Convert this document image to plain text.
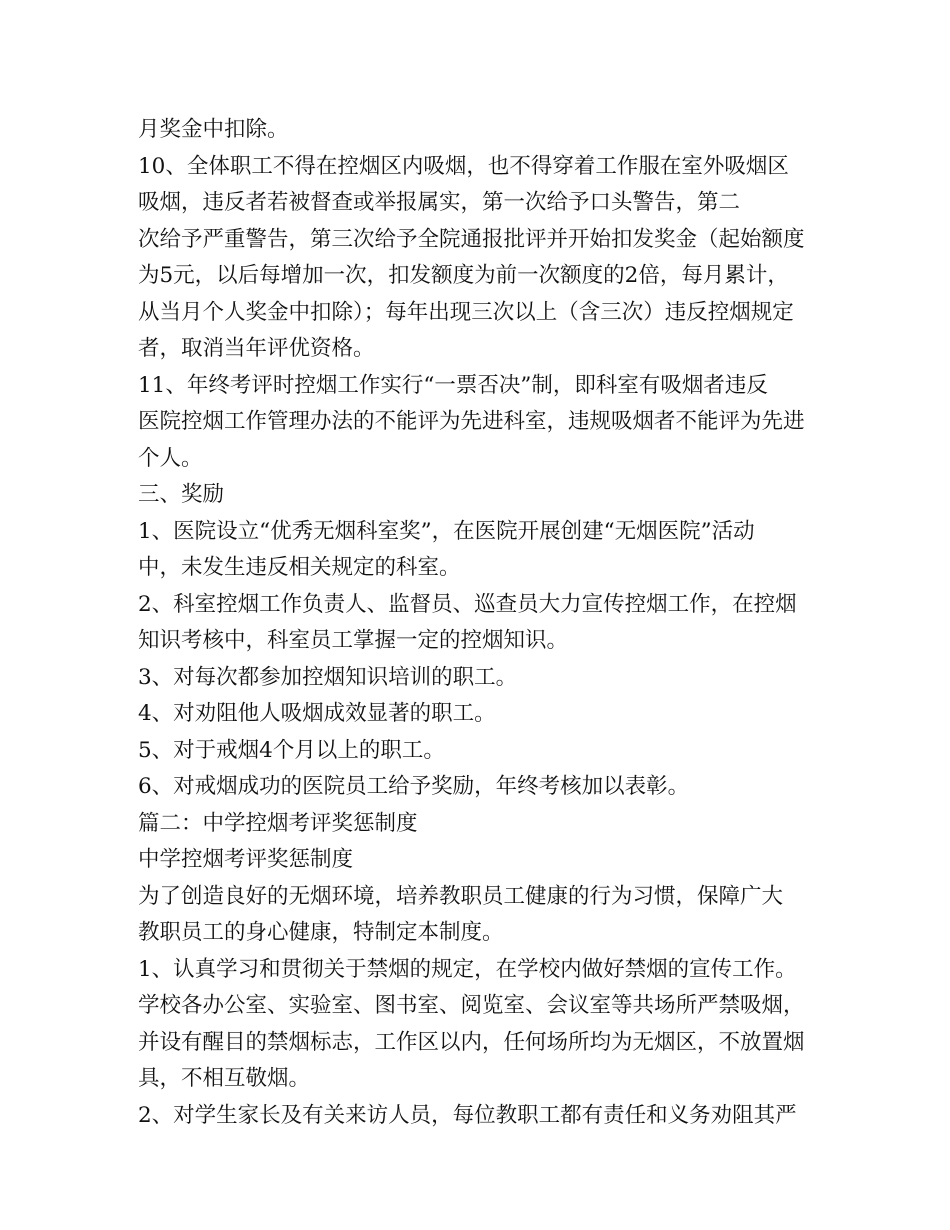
月奖金中扣除。
10、全体职工不得在控烟区内吸烟，也不得穿着工作服在室外吸烟区
吸烟，违反者若被督查或举报属实，第一次给予口头警告，第二
次给予严重警告，第三次给予全院通报批评并开始扣发奖金（起始额度
为5元，以后每增加一次，扣发额度为前一次额度的2倍，每月累计，
从当月个人奖金中扣除）；每年出现三次以上（含三次）违反控烟规定
者，取消当年评优资格。
11、年终考评时控烟工作实行“一票否决”制，即科室有吸烟者违反
医院控烟工作管理办法的不能评为先进科室，违规吸烟者不能评为先进
个人。
三、奖励
1、医院设立“优秀无烟科室奖”，在医院开展创建“无烟医院”活动
中，未发生违反相关规定的科室。
2、科室控烟工作负责人、监督员、巡查员大力宣传控烟工作，在控烟
知识考核中，科室员工掌握一定的控烟知识。
3、对每次都参加控烟知识培训的职工。
4、对劝阻他人吸烟成效显著的职工。
5、对于戒烟4个月以上的职工。
6、对戒烟成功的医院员工给予奖励，年终考核加以表彰。
篇二：中学控烟考评奖惩制度
中学控烟考评奖惩制度
为了创造良好的无烟环境，培养教职员工健康的行为习惯，保障广大
教职员工的身心健康，特制定本制度。
1、认真学习和贯彻关于禁烟的规定，在学校内做好禁烟的宣传工作。
学校各办公室、实验室、图书室、阅览室、会议室等共场所严禁吸烟，
并设有醒目的禁烟标志，工作区以内，任何场所均为无烟区，不放置烟
具，不相互敬烟。
2、对学生家长及有关来访人员，每位教职工都有责任和义务劝阻其严
